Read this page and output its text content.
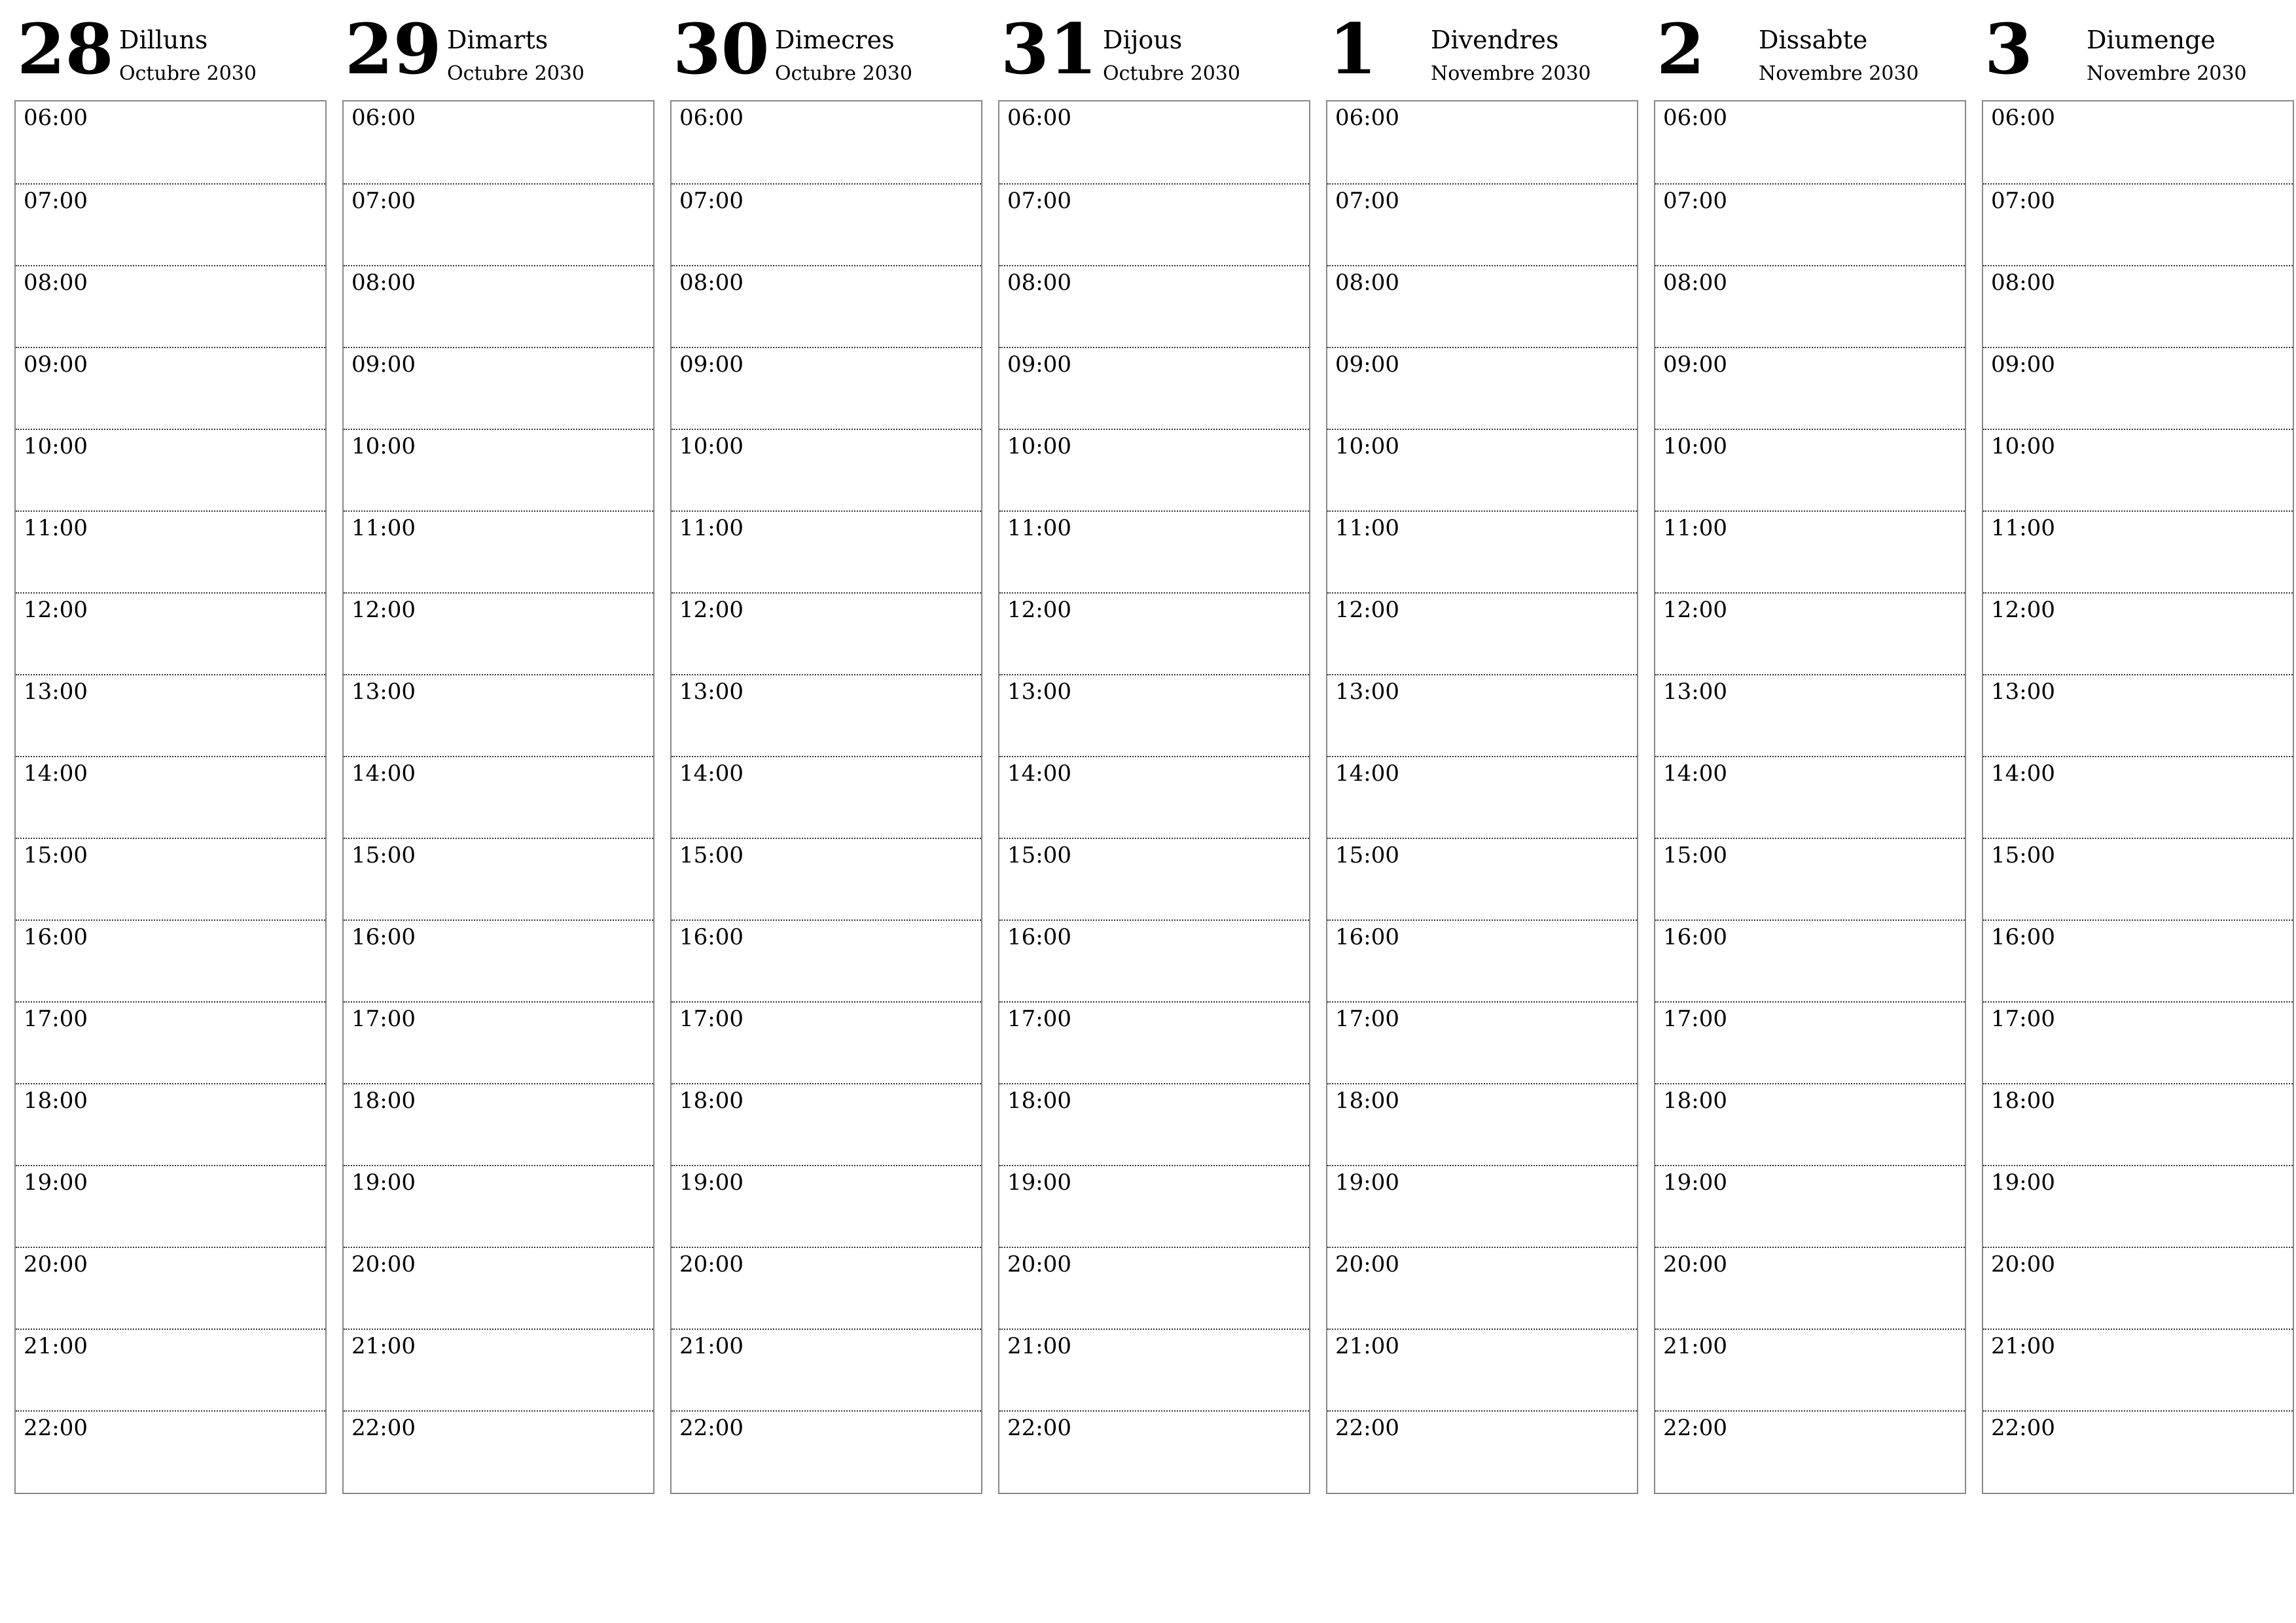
28 Dilluns
Octubre 2030
06:00
07:00
08:00
09:00
10:00
11:00
12:00
13:00
14:00
15:00
16:00
17:00
18:00
19:00
20:00
21:00
22:00
29 Dimarts
Octubre 2030
06:00
07:00
08:00
09:00
10:00
11:00
12:00
13:00
14:00
15:00
16:00
17:00
18:00
19:00
20:00
21:00
22:00
30 Dimecres
Octubre 2030
06:00
07:00
08:00
09:00
10:00
11:00
12:00
13:00
14:00
15:00
16:00
17:00
18:00
19:00
20:00
21:00
22:00
31 Dijous
Octubre 2030
06:00
07:00
08:00
09:00
10:00
11:00
12:00
13:00
14:00
15:00
16:00
17:00
18:00
19:00
20:00
21:00
22:00
1 Divendres
Novembre 2030
06:00
07:00
08:00
09:00
10:00
11:00
12:00
13:00
14:00
15:00
16:00
17:00
18:00
19:00
20:00
21:00
22:00
2 Dissabte
Novembre 2030
06:00
07:00
08:00
09:00
10:00
11:00
12:00
13:00
14:00
15:00
16:00
17:00
18:00
19:00
20:00
21:00
22:00
3 Diumenge
Novembre 2030
06:00
07:00
08:00
09:00
10:00
11:00
12:00
13:00
14:00
15:00
16:00
17:00
18:00
19:00
20:00
21:00
22:00
